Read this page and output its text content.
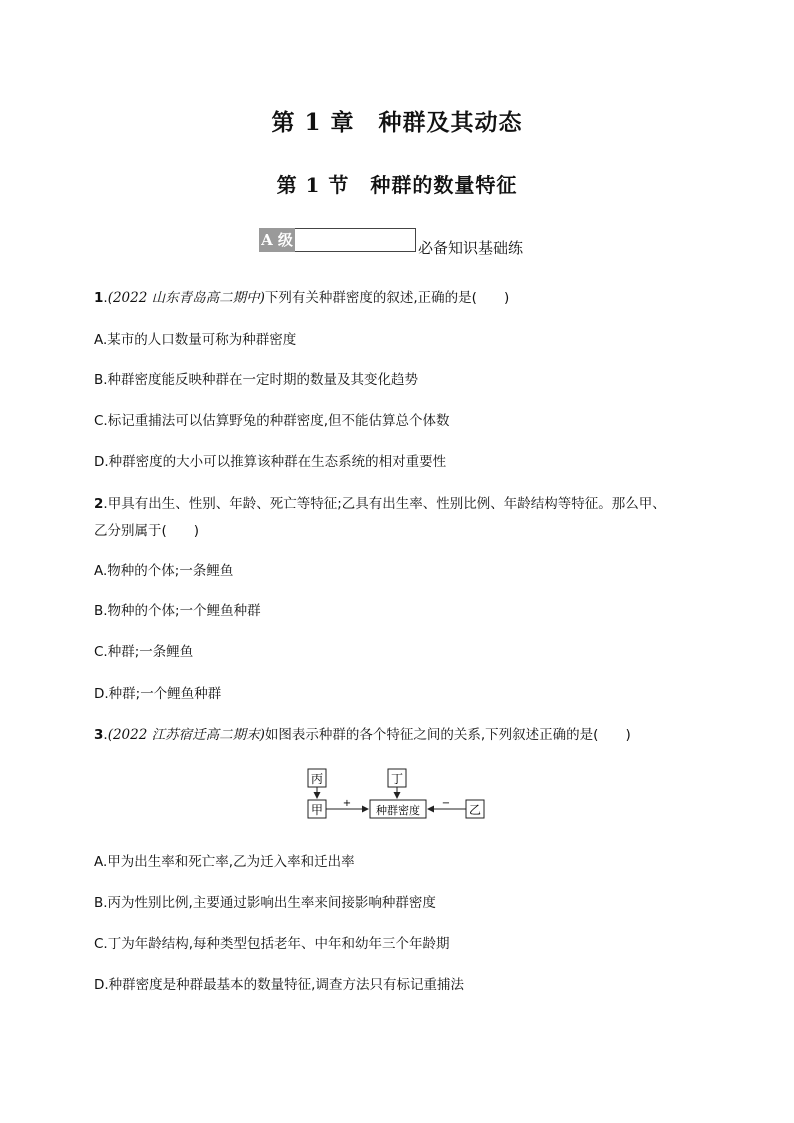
第 1 章　种群及其动态
第 1 节　种群的数量特征
A 级	必备知识基础练
1.(2022 山东青岛高二期中)下列有关种群密度的叙述,正确的是(　　)
A.某市的人口数量可称为种群密度
B.种群密度能反映种群在一定时期的数量及其变化趋势
C.标记重捕法可以估算野兔的种群密度,但不能估算总个体数
D.种群密度的大小可以推算该种群在生态系统的相对重要性
2.甲具有出生、性别、年龄、死亡等特征;乙具有出生率、性别比例、年龄结构等特征。那么甲、
乙分别属于(　　)
A.物种的个体;一条鲤鱼
B.物种的个体;一个鲤鱼种群
C.种群;一条鲤鱼
D.种群;一个鲤鱼种群
3.(2022 江苏宿迁高二期末)如图表示种群的各个特征之间的关系,下列叙述正确的是(　　)
丙	丁
甲	种群密度	乙
+	−
A.甲为出生率和死亡率,乙为迁入率和迁出率
B.丙为性别比例,主要通过影响出生率来间接影响种群密度
C.丁为年龄结构,每种类型包括老年、中年和幼年三个年龄期
D.种群密度是种群最基本的数量特征,调查方法只有标记重捕法
